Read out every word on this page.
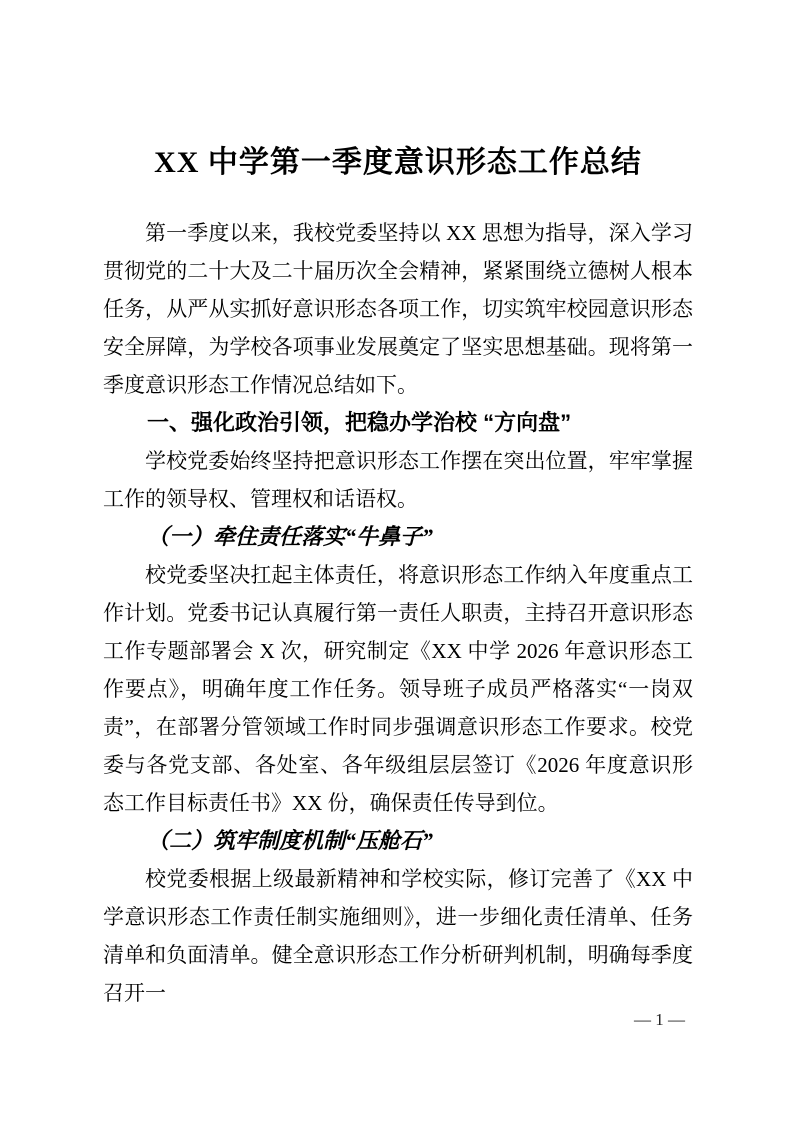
XX 中学第一季度意识形态工作总结

第一季度以来，我校党委坚持以 XX 思想为指导，深入学习贯彻党的二十大及二十届历次全会精神，紧紧围绕立德树人根本任务，从严从实抓好意识形态各项工作，切实筑牢校园意识形态安全屏障，为学校各项事业发展奠定了坚实思想基础。现将第一季度意识形态工作情况总结如下。

一、强化政治引领，把稳办学治校 “方向盘”

学校党委始终坚持把意识形态工作摆在突出位置，牢牢掌握工作的领导权、管理权和话语权。

（一）牵住责任落实“牛鼻子”

校党委坚决扛起主体责任，将意识形态工作纳入年度重点工作计划。党委书记认真履行第一责任人职责，主持召开意识形态工作专题部署会 X 次，研究制定《XX 中学 2026 年意识形态工作要点》，明确年度工作任务。领导班子成员严格落实“一岗双责”，在部署分管领域工作时同步强调意识形态工作要求。校党委与各党支部、各处室、各年级组层层签订《2026 年度意识形态工作目标责任书》XX 份，确保责任传导到位。

（二）筑牢制度机制“压舱石”

校党委根据上级最新精神和学校实际，修订完善了《XX 中学意识形态工作责任制实施细则》，进一步细化责任清单、任务清单和负面清单。健全意识形态工作分析研判机制，明确每季度召开一

— 1 —
